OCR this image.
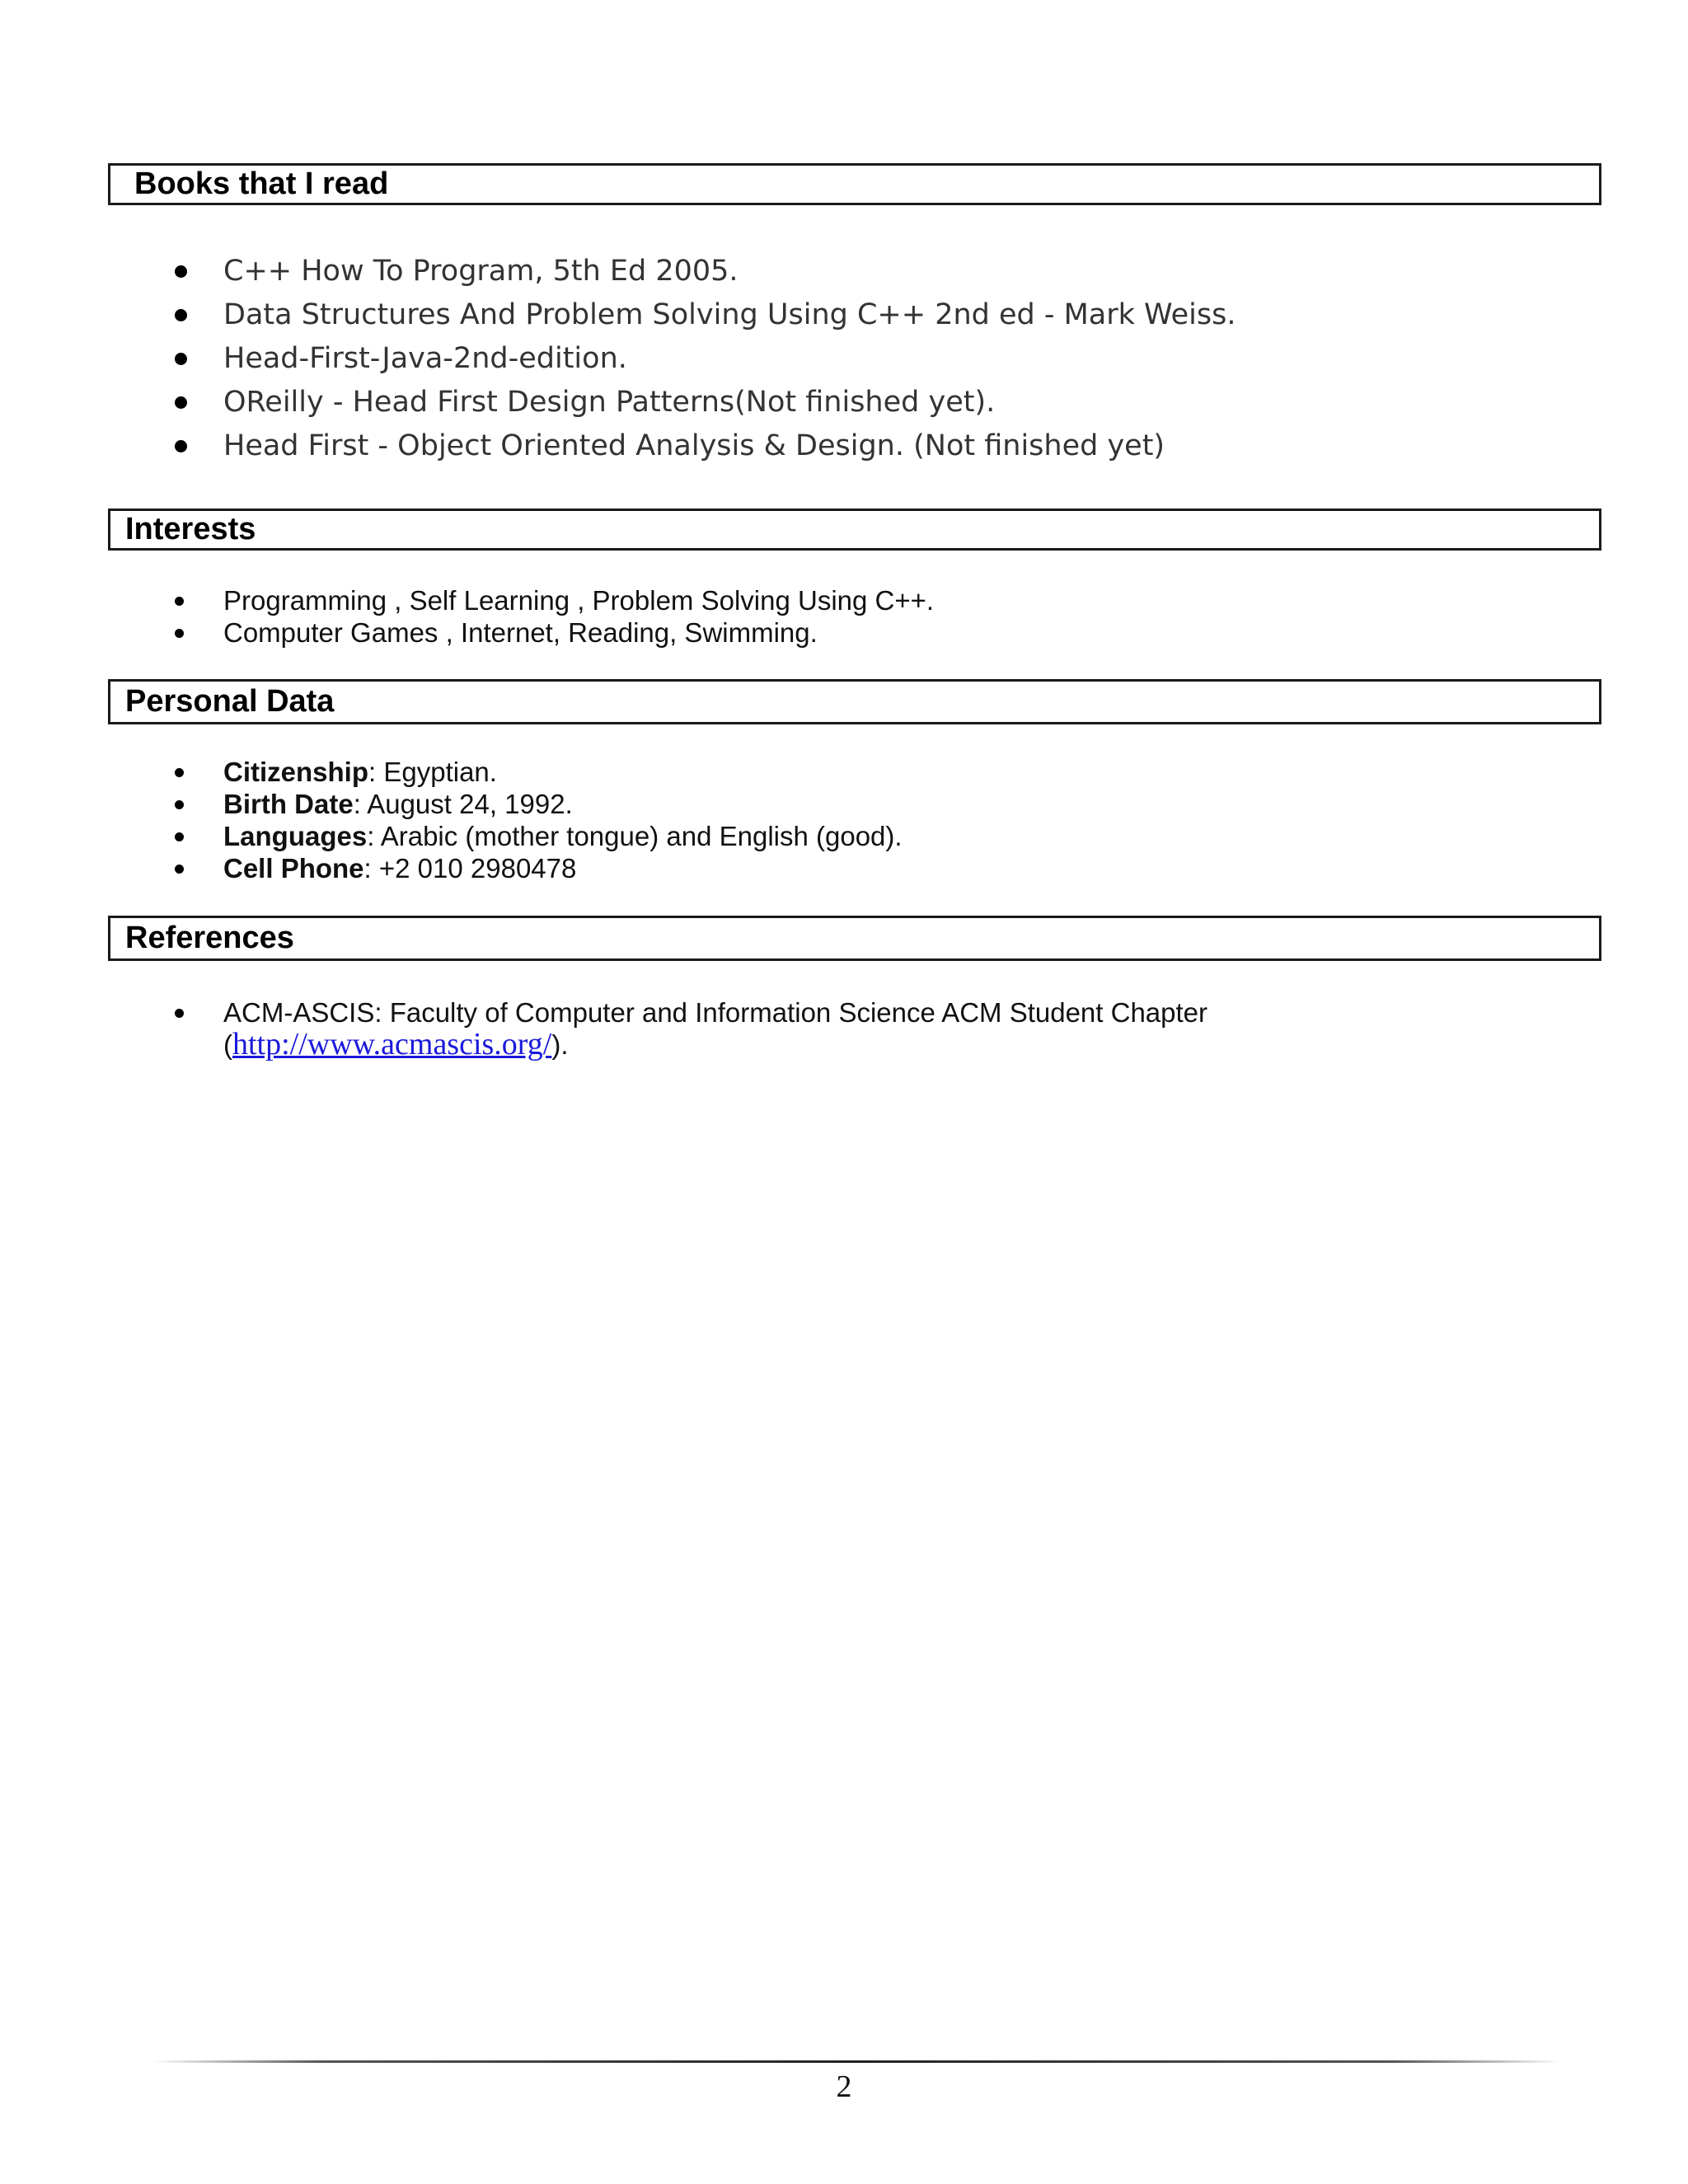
Books that I read
C++ How To Program, 5th Ed 2005.
Data Structures And Problem Solving Using C++ 2nd ed - Mark Weiss.
Head-First-Java-2nd-edition.
OReilly - Head First Design Patterns(Not finished yet).
Head First - Object Oriented Analysis & Design. (Not finished yet)
Interests
Programming , Self Learning , Problem Solving Using C++.
Computer Games , Internet, Reading, Swimming.
Personal Data
Citizenship: Egyptian.
Birth Date: August 24, 1992.
Languages: Arabic (mother tongue) and English (good).
Cell Phone: +2 010 2980478
References
ACM-ASCIS: Faculty of Computer and Information Science ACM Student Chapter
(http://www.acmascis.org/).
2
